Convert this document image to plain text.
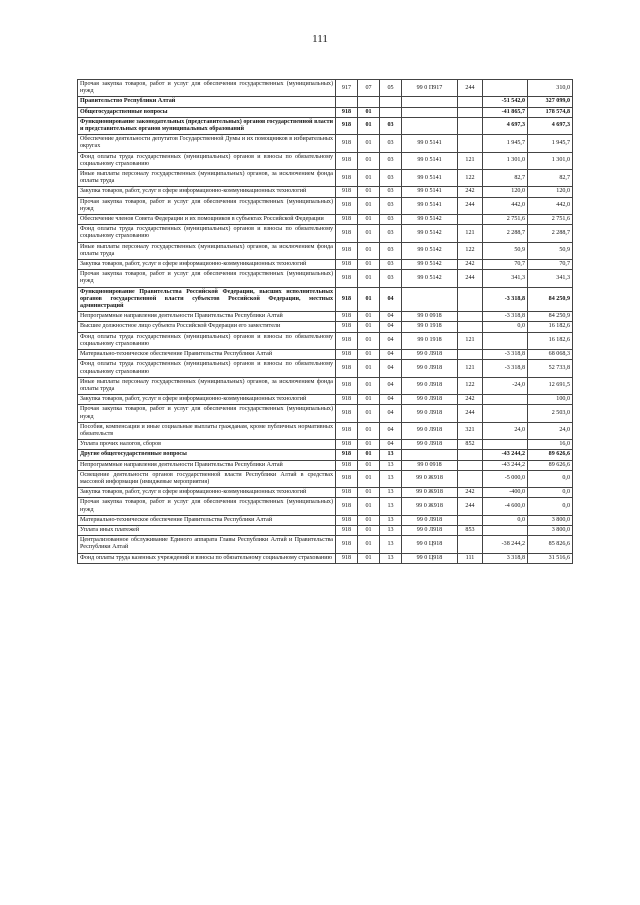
111
Прочая закупка товаров, работ и услуг для обеспечения государственных (муниципальных) нужд	917	07	05	99 0 П917	244		310,0
Правительство Республики Алтай						-51 542,0	327 099,0
Общегосударственные вопросы	918	01				-41 865,7	178 574,8
Функционирование законодательных (представительных) органов государственной власти и представительных органов муниципальных образований	918	01	03			4 697,3	4 697,3
Обеспечение деятельности депутатов Государственной Думы и их помощников в избирательных округах	918	01	03	99 0 5141		1 945,7	1 945,7
Фонд оплаты труда государственных (муниципальных) органов и взносы по обязательному социальному страхованию	918	01	03	99 0 5141	121	1 301,0	1 301,0
Иные выплаты персоналу государственных (муниципальных) органов, за исключением фонда оплаты труда	918	01	03	99 0 5141	122	82,7	82,7
Закупка товаров, работ, услуг в сфере информационно-коммуникационных технологий	918	01	03	99 0 5141	242	120,0	120,0
Прочая закупка товаров, работ и услуг для обеспечения государственных (муниципальных) нужд	918	01	03	99 0 5141	244	442,0	442,0
Обеспечение членов Совета Федерации и их помощников в субъектах Российской Федерации	918	01	03	99 0 5142		2 751,6	2 751,6
Фонд оплаты труда государственных (муниципальных) органов и взносы по обязательному социальному страхованию	918	01	03	99 0 5142	121	2 288,7	2 288,7
Иные выплаты персоналу государственных (муниципальных) органов, за исключением фонда оплаты труда	918	01	03	99 0 5142	122	50,9	50,9
Закупка товаров, работ, услуг в сфере информационно-коммуникационных технологий	918	01	03	99 0 5142	242	70,7	70,7
Прочая закупка товаров, работ и услуг для обеспечения государственных (муниципальных) нужд	918	01	03	99 0 5142	244	341,3	341,3
Функционирование Правительства Российской Федерации, высших исполнительных органов государственной власти субъектов Российской Федерации, местных администраций	918	01	04			-3 318,8	84 250,9
Непрограммные направления деятельности Правительства Республики Алтай	918	01	04	99 0 0918		-3 318,8	84 250,9
Высшее должностное лицо субъекта Российской Федерации его заместители	918	01	04	99 0 1918		0,0	16 182,6
Фонд оплаты труда государственных (муниципальных) органов и взносы по обязательному социальному страхованию	918	01	04	99 0 1918	121		16 182,6
Материально-техническое обеспечение Правительства Республики Алтай	918	01	04	99 0 Л918		-3 318,8	68 068,3
Фонд оплаты труда государственных (муниципальных) органов и взносы по обязательному социальному страхованию	918	01	04	99 0 Л918	121	-3 318,8	52 733,8
Иные выплаты персоналу государственных (муниципальных) органов, за исключением фонда оплаты труда	918	01	04	99 0 Л918	122	-24,0	12 691,5
Закупка товаров, работ, услуг в сфере информационно-коммуникационных технологий	918	01	04	99 0 Л918	242		100,0
Прочая закупка товаров, работ и услуг для обеспечения государственных (муниципальных) нужд	918	01	04	99 0 Л918	244		2 503,0
Пособия, компенсации и иные социальные выплаты гражданам, кроме публичных нормативных обязательств	918	01	04	99 0 Л918	321	24,0	24,0
Уплата прочих налогов, сборов	918	01	04	99 0 Л918	852		16,0
Другие общегосударственные вопросы	918	01	13			-43 244,2	89 626,6
Непрограммные направления деятельности Правительства Республики Алтай	918	01	13	99 0 0918		-43 244,2	89 626,6
Освещение деятельности органов государственной власти Республики Алтай в средствах массовой информации (имиджевые мероприятия)	918	01	13	99 0 Ж918		-5 000,0	0,0
Закупка товаров, работ, услуг в сфере информационно-коммуникационных технологий	918	01	13	99 0 Ж918	242	-400,0	0,0
Прочая закупка товаров, работ и услуг для обеспечения государственных (муниципальных) нужд	918	01	13	99 0 Ж918	244	-4 600,0	0,0
Материально-техническое обеспечение Правительства Республики Алтай	918	01	13	99 0 Л918		0,0	3 800,0
Уплата иных платежей	918	01	13	99 0 Л918	853		3 800,0
Централизованное обслуживание Единого аппарата Главы Республики Алтай и Правительства Республики Алтай	918	01	13	99 0 Ц918		-38 244,2	85 826,6
Фонд оплаты труда казенных учреждений и взносы по обязательному социальному страхованию	918	01	13	99 0 Ц918	111	3 318,8	31 516,6
